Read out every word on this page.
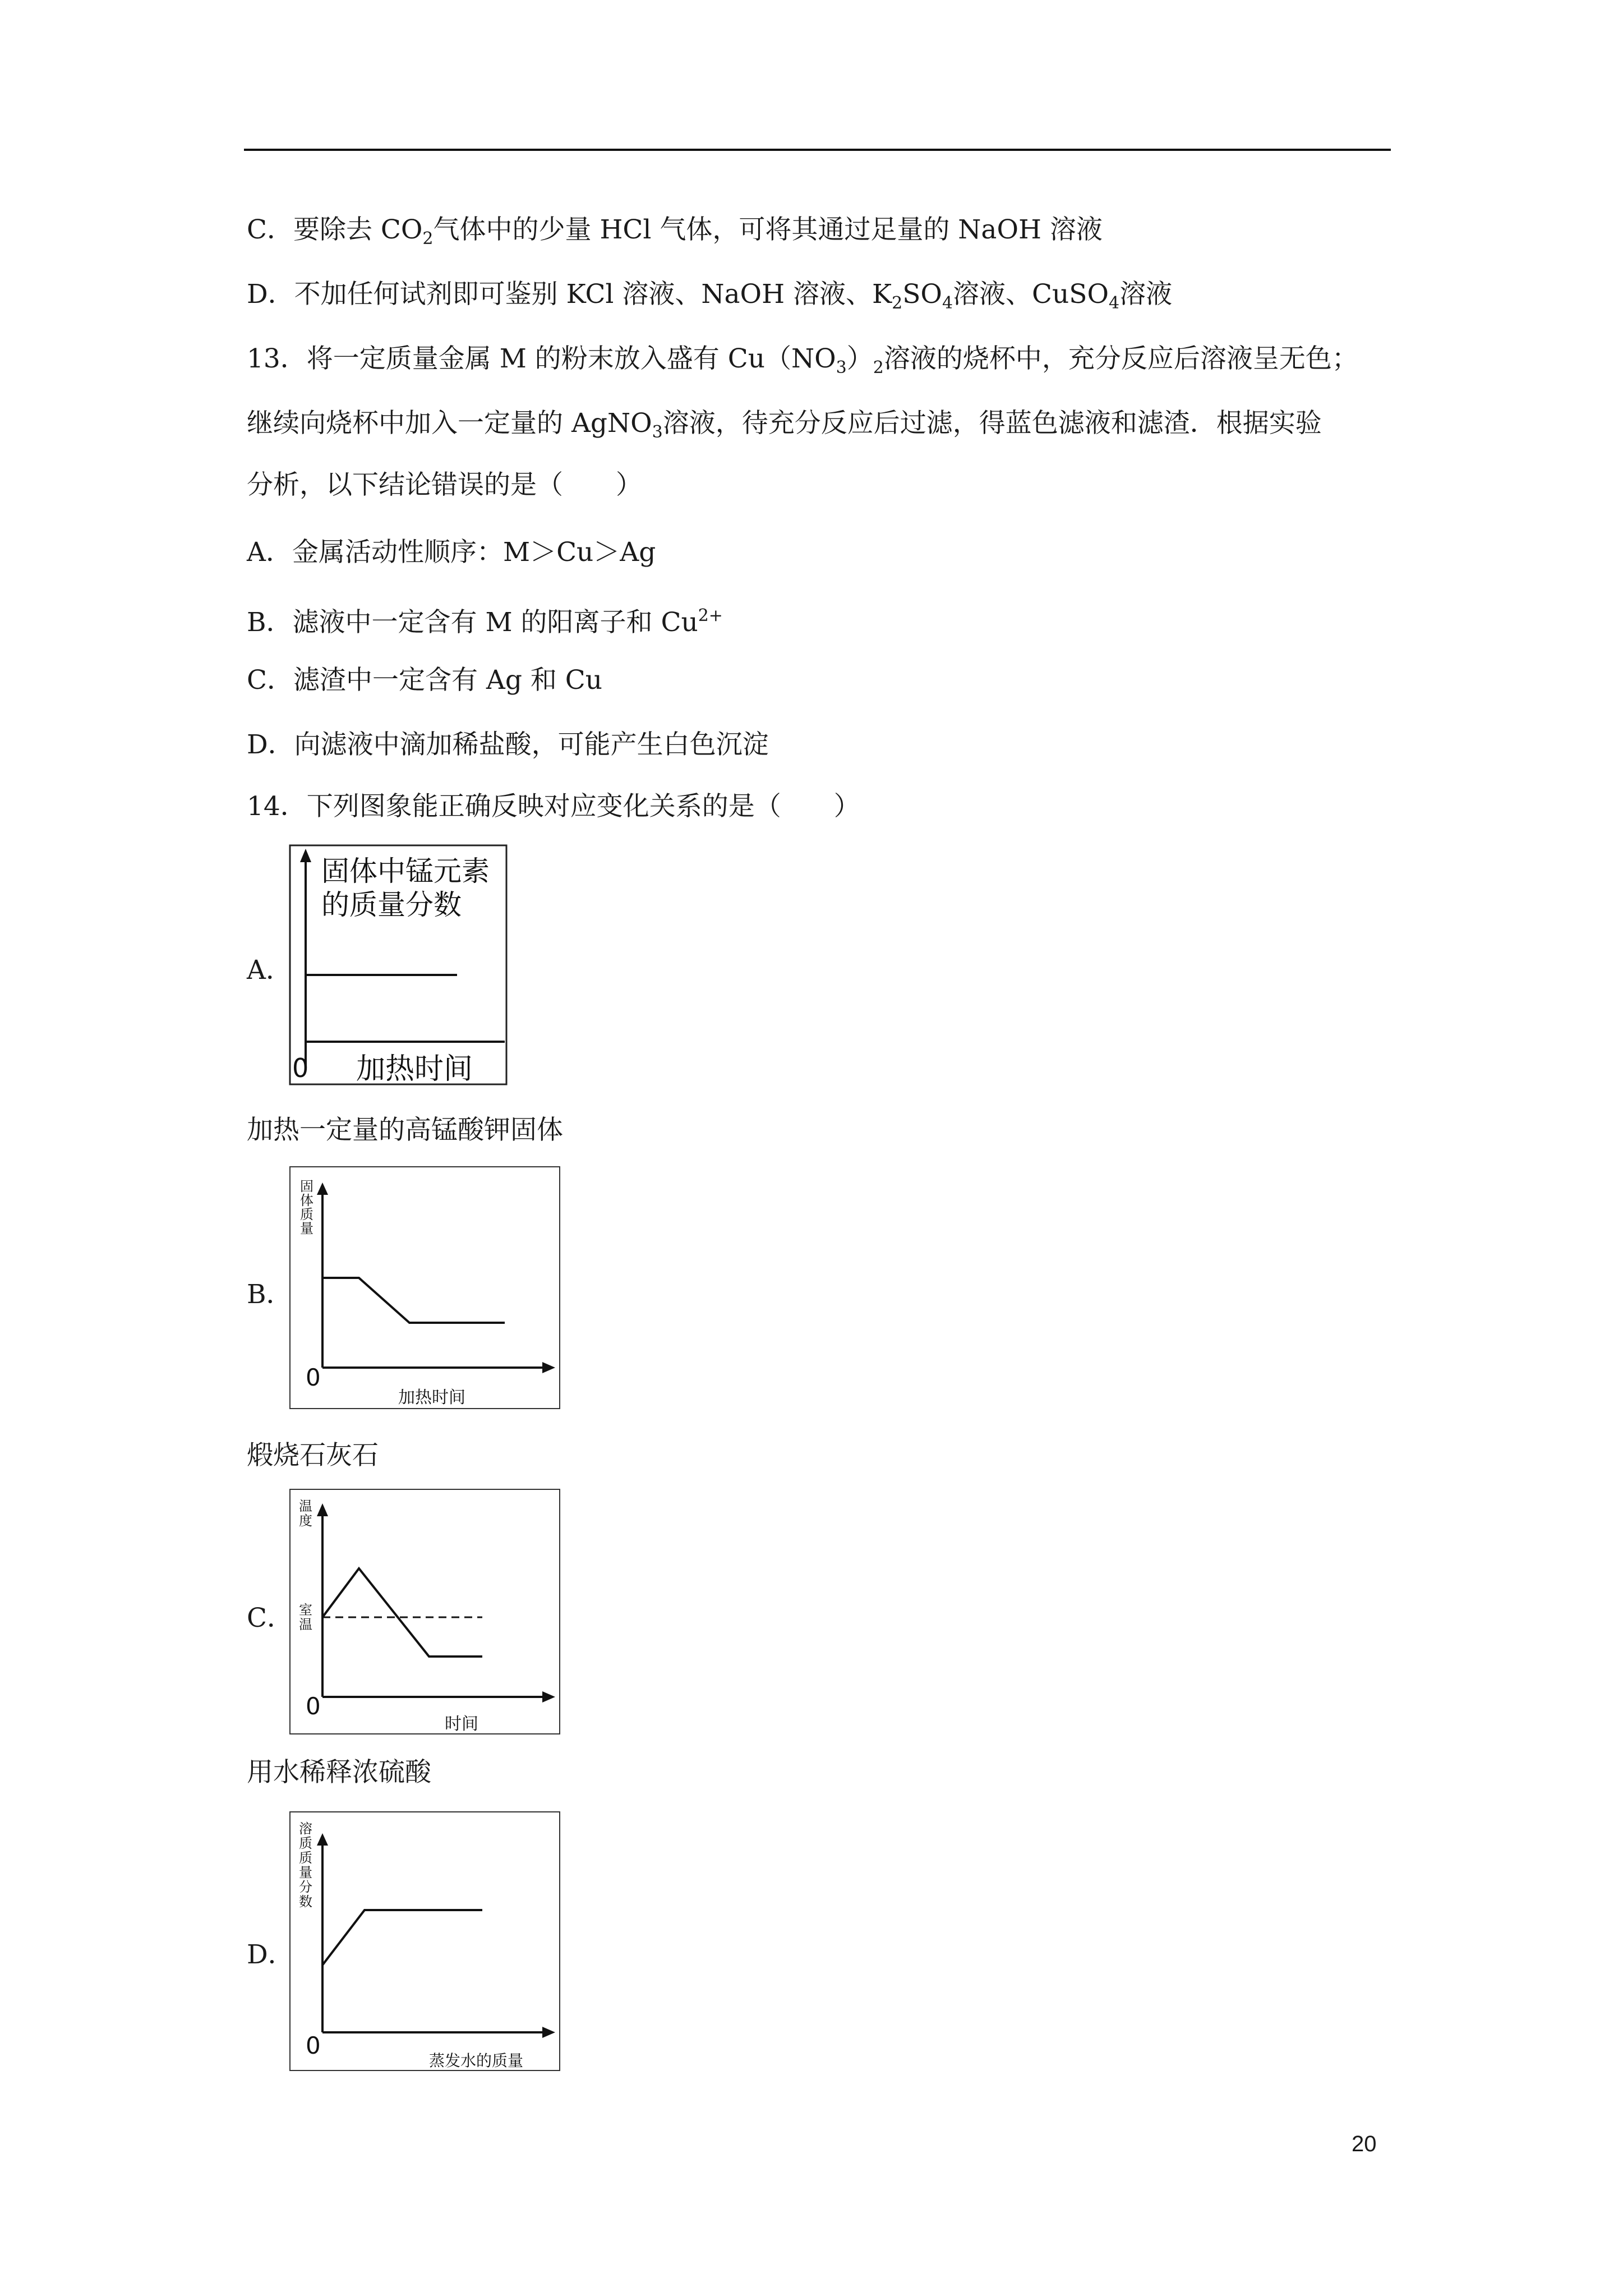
C．要除去 $CO_2$气体中的少量 HCl 气体，可将其通过足量的 NaOH 溶液
D．不加任何试剂即可鉴别 KCl 溶液、NaOH 溶液、$K_2SO_4$溶液、CuSO$_4$溶液
13．将一定质量金属 M 的粉末放入盛有 $Cu(NO_3)_2$溶液的烧杯中，充分反应后溶液呈无色；
继续向烧杯中加入一定量的 AgNO$_3$溶液，待充分反应后过滤，得蓝色滤液和滤渣．根据实验
分析，以下结论错误的是（　　）
A．金属活动性顺序：M＞Cu＞Ag
B．滤液中一定含有 M 的阳离子和 $Cu^{2+}$
C．滤渣中一定含有 Ag 和 Cu
D．向滤液中滴加稀盐酸，可能产生白色沉淀
14．下列图象能正确反映对应变化关系的是（　　）
A．
固体中锰元素
的质量分数
0 加热时间
加热一定量的高锰酸钾固体
B．
固
体
质
量
0
加热时间
煅烧石灰石
C．
温
度
室
温
0
时间
用水稀释浓硫酸
D．
溶
质
质
量
分
数
0
蒸发水的质量
20
